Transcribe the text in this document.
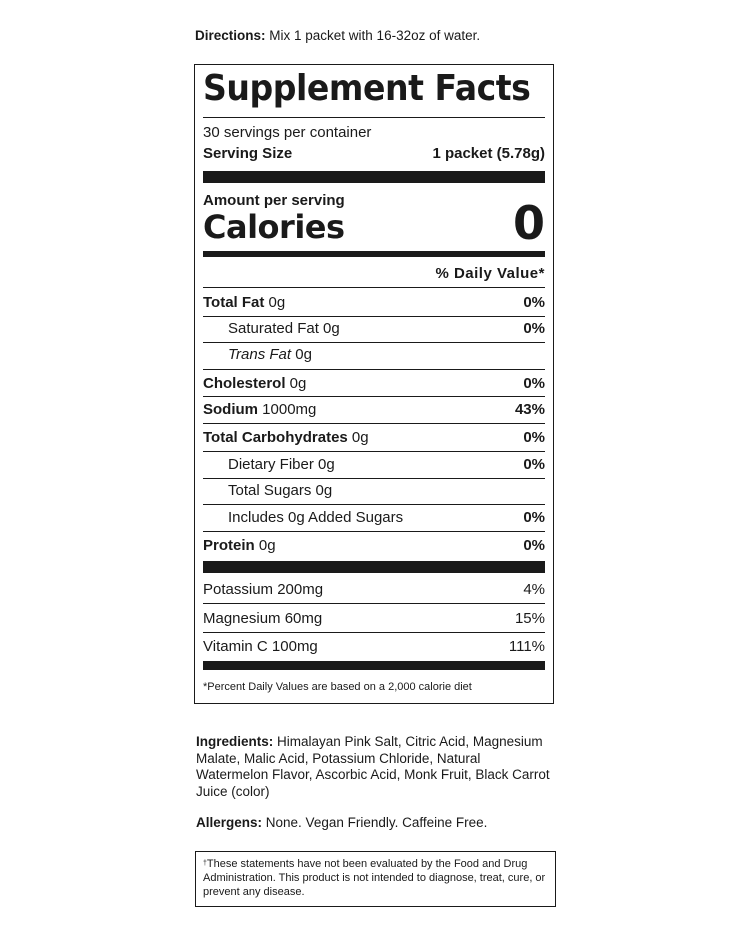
Directions: Mix 1 packet with 16-32oz of water.
Supplement Facts
30 servings per container
Serving Size	1 packet (5.78g)
Amount per serving
Calories	0
% Daily Value*
Total Fat 0g	0%
Saturated Fat 0g	0%
Trans Fat 0g
Cholesterol 0g	0%
Sodium 1000mg	43%
Total Carbohydrates 0g	0%
Dietary Fiber 0g	0%
Total Sugars 0g
Includes 0g Added Sugars	0%
Protein 0g	0%
Potassium 200mg	4%
Magnesium 60mg	15%
Vitamin C 100mg	111%
*Percent Daily Values are based on a 2,000 calorie diet
Ingredients: Himalayan Pink Salt, Citric Acid, Magnesium Malate, Malic Acid, Potassium Chloride, Natural Watermelon Flavor, Ascorbic Acid, Monk Fruit, Black Carrot Juice (color)
Allergens: None. Vegan Friendly. Caffeine Free.
†These statements have not been evaluated by the Food and Drug Administration. This product is not intended to diagnose, treat, cure, or prevent any disease.
